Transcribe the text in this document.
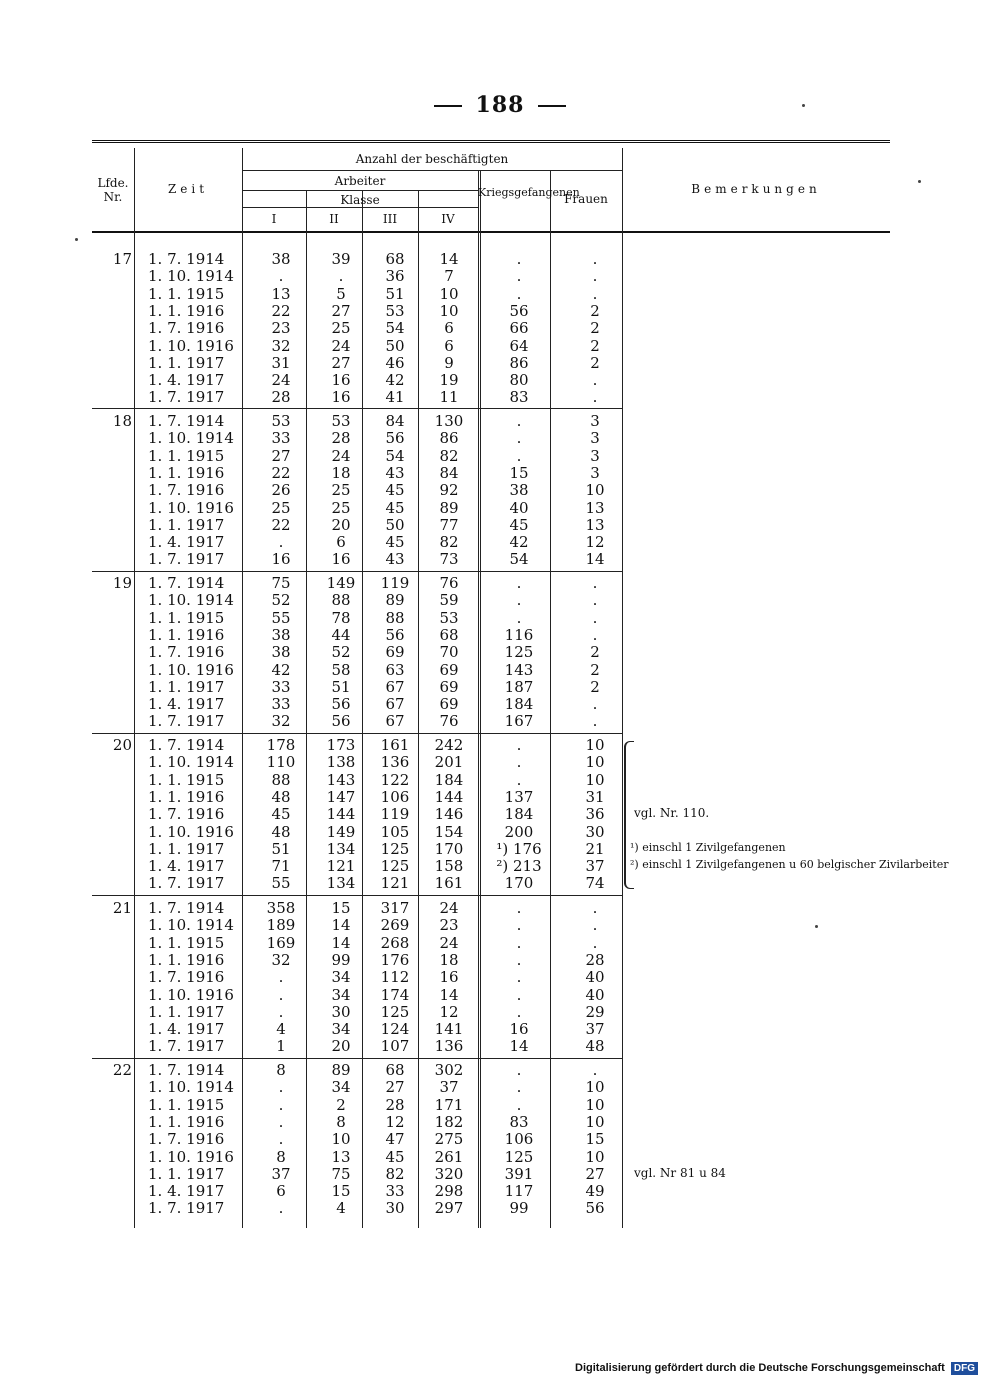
188
Lfde. Nr.
Zeit
Anzahl der beschäftigten
Arbeiter
Klasse
I	II	III	IV
Kriegsgefangenen
Frauen
Bemerkungen
17 1. 7. 1914	38	39	68	14	.	.
1. 10. 1914	.	.	36	7	.	.
1. 1. 1915	13	5	51	10	.	.
1. 1. 1916	22	27	53	10	56	2
1. 7. 1916	23	25	54	6	66	2
1. 10. 1916	32	24	50	6	64	2
1. 1. 1917	31	27	46	9	86	2
1. 4. 1917	24	16	42	19	80	.
1. 7. 1917	28	16	41	11	83	.
18 1. 7. 1914	53	53	84	130	.	3
1. 10. 1914	33	28	56	86	.	3
1. 1. 1915	27	24	54	82	.	3
1. 1. 1916	22	18	43	84	15	3
1. 7. 1916	26	25	45	92	38	10
1. 10. 1916	25	25	45	89	40	13
1. 1. 1917	22	20	50	77	45	13
1. 4. 1917	.	6	45	82	42	12
1. 7. 1917	16	16	43	73	54	14
19 1. 7. 1914	75	149	119	76	.	.
1. 10. 1914	52	88	89	59	.	.
1. 1. 1915	55	78	88	53	.	.
1. 1. 1916	38	44	56	68	116	.
1. 7. 1916	38	52	69	70	125	2
1. 10. 1916	42	58	63	69	143	2
1. 1. 1917	33	51	67	69	187	2
1. 4. 1917	33	56	67	69	184	.
1. 7. 1917	32	56	67	76	167	.
20 1. 7. 1914	178	173	161	242	.	10
1. 10. 1914	110	138	136	201	.	10
1. 1. 1915	88	143	122	184	.	10
1. 1. 1916	48	147	106	144	137	31
1. 7. 1916	45	144	119	146	184	36
1. 10. 1916	48	149	105	154	200	30
1. 1. 1917	51	134	125	170	¹) 176	21
1. 4. 1917	71	121	125	158	²) 213	37
1. 7. 1917	55	134	121	161	170	74
21 1. 7. 1914	358	15	317	24	.	.
1. 10. 1914	189	14	269	23	.	.
1. 1. 1915	169	14	268	24	.	.
1. 1. 1916	32	99	176	18	.	28
1. 7. 1916	.	34	112	16	.	40
1. 10. 1916	.	34	174	14	.	40
1. 1. 1917	.	30	125	12	.	29
1. 4. 1917	4	34	124	141	16	37
1. 7. 1917	1	20	107	136	14	48
22 1. 7. 1914	8	89	68	302	.	.
1. 10. 1914	.	34	27	37	.	10
1. 1. 1915	.	2	28	171	.	10
1. 1. 1916	.	8	12	182	83	10
1. 7. 1916	.	10	47	275	106	15
1. 10. 1916	8	13	45	261	125	10
1. 1. 1917	37	75	82	320	391	27
1. 4. 1917	6	15	33	298	117	49
1. 7. 1917	.	4	30	297	99	56
vgl. Nr. 110.
¹) einschl 1 Zivilgefangenen
²) einschl 1 Zivilgefangenen u 60 belgischer Zivilarbeiter
vgl. Nr 81 u 84
Digitalisierung gefördert durch die Deutsche Forschungsgemeinschaft DFG
